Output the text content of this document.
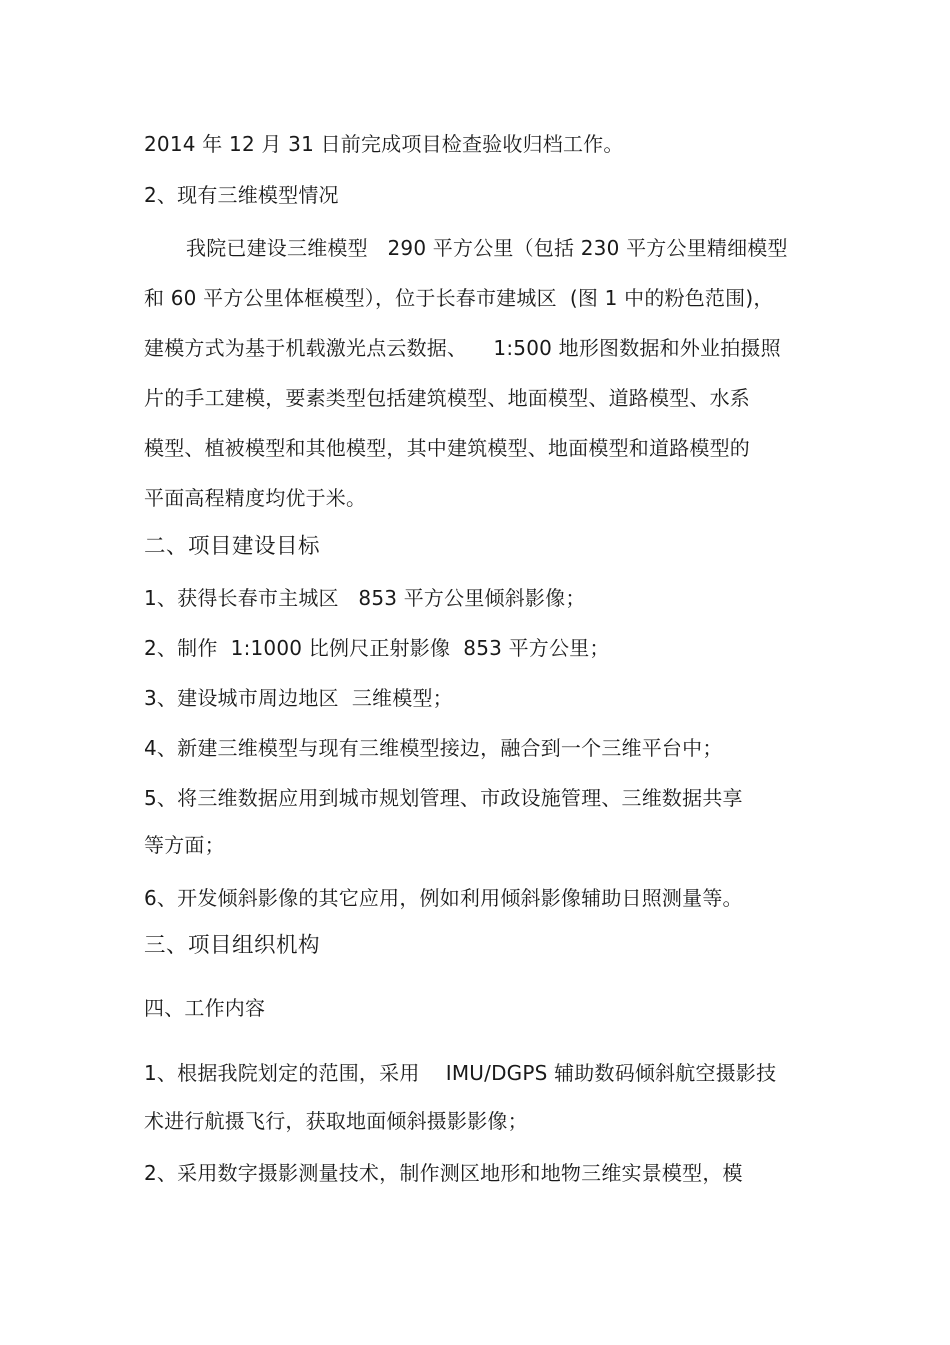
2014 年 12 月 31 日前完成项目检查验收归档工作。
2、现有三维模型情况
我院已建设三维模型   290 平方公里（包括 230 平方公里精细模型
和 60 平方公里体框模型），位于长春市建城区  (图 1 中的粉色范围)，
建模方式为基于机载激光点云数据、    1:500 地形图数据和外业拍摄照
片的手工建模，要素类型包括建筑模型、地面模型、道路模型、水系
模型、植被模型和其他模型，其中建筑模型、地面模型和道路模型的
平面高程精度均优于米。
二、项目建设目标
1、获得长春市主城区   853 平方公里倾斜影像；
2、制作  1:1000 比例尺正射影像  853 平方公里；
3、建设城市周边地区  三维模型；
4、新建三维模型与现有三维模型接边，融合到一个三维平台中；
5、将三维数据应用到城市规划管理、市政设施管理、三维数据共享
等方面；
6、开发倾斜影像的其它应用，例如利用倾斜影像辅助日照测量等。
三、项目组织机构
四、工作内容
1、根据我院划定的范围，采用    IMU/DGPS 辅助数码倾斜航空摄影技
术进行航摄飞行，获取地面倾斜摄影影像；
2、采用数字摄影测量技术，制作测区地形和地物三维实景模型，模
